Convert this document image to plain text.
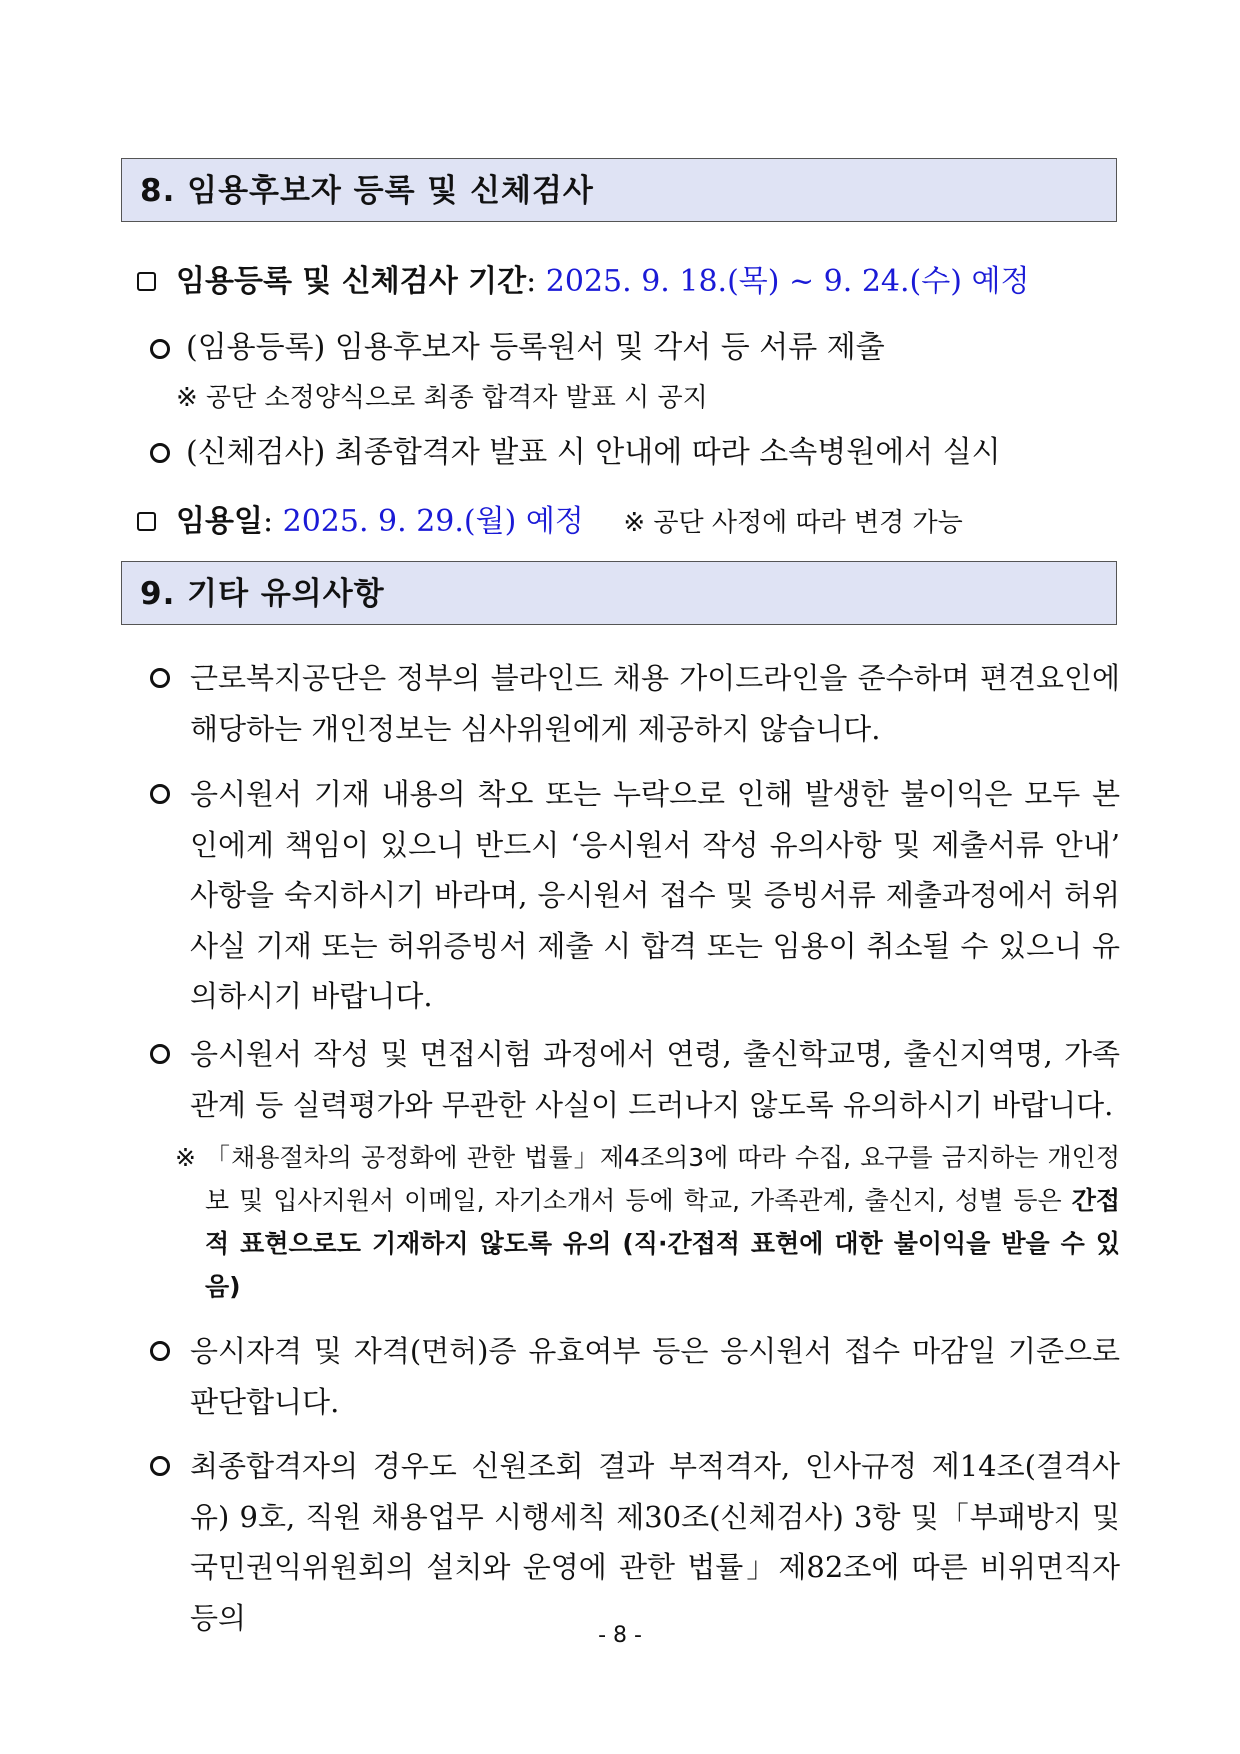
8. 임용후보자 등록 및 신체검사
임용등록 및 신체검사 기간: 2025. 9. 18.(목) ~ 9. 24.(수) 예정
(임용등록) 임용후보자 등록원서 및 각서 등 서류 제출
※ 공단 소정양식으로 최종 합격자 발표 시 공지
(신체검사) 최종합격자 발표 시 안내에 따라 소속병원에서 실시
임용일: 2025. 9. 29.(월) 예정 ※ 공단 사정에 따라 변경 가능
9. 기타 유의사항
근로복지공단은 정부의 블라인드 채용 가이드라인을 준수하며 편견요인에 해당하는 개인정보는 심사위원에게 제공하지 않습니다.
응시원서 기재 내용의 착오 또는 누락으로 인해 발생한 불이익은 모두 본인에게 책임이 있으니 반드시 ‘응시원서 작성 유의사항 및 제출서류 안내’ 사항을 숙지하시기 바라며, 응시원서 접수 및 증빙서류 제출과정에서 허위사실 기재 또는 허위증빙서 제출 시 합격 또는 임용이 취소될 수 있으니 유의하시기 바랍니다.
응시원서 작성 및 면접시험 과정에서 연령, 출신학교명, 출신지역명, 가족관계 등 실력평가와 무관한 사실이 드러나지 않도록 유의하시기 바랍니다.
※ 「채용절차의 공정화에 관한 법률」제4조의3에 따라 수집, 요구를 금지하는 개인정보 및 입사지원서 이메일, 자기소개서 등에 학교, 가족관계, 출신지, 성별 등은 간접적 표현으로도 기재하지 않도록 유의 (직·간접적 표현에 대한 불이익을 받을 수 있음)
응시자격 및 자격(면허)증 유효여부 등은 응시원서 접수 마감일 기준으로 판단합니다.
최종합격자의 경우도 신원조회 결과 부적격자, 인사규정 제14조(결격사유) 9호, 직원 채용업무 시행세칙 제30조(신체검사) 3항 및「부패방지 및 국민권익위원회의 설치와 운영에 관한 법률」제82조에 따른 비위면직자 등의
- 8 -
